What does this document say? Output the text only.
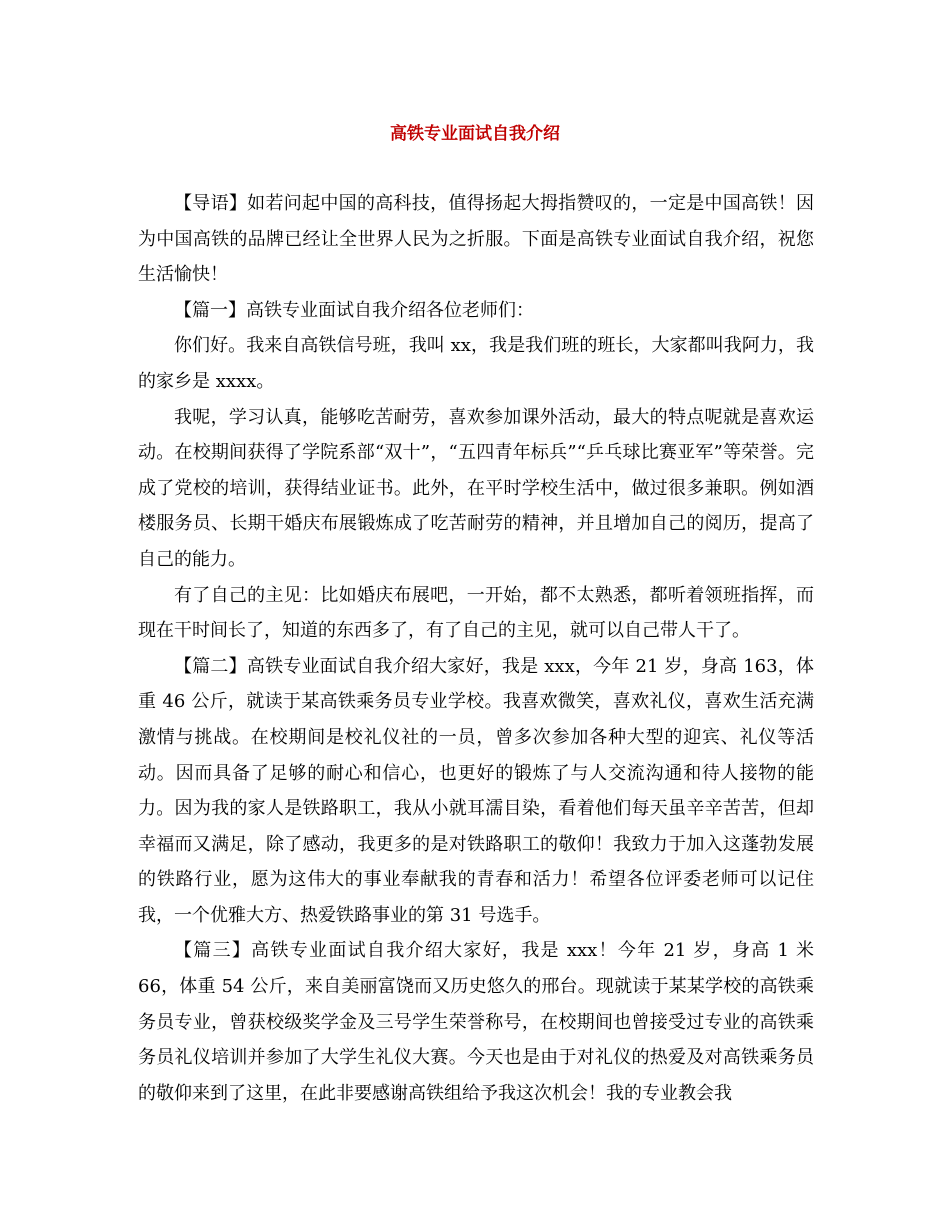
高铁专业面试自我介绍

【导语】如若问起中国的高科技，值得扬起大拇指赞叹的，一定是中国高铁！因为中国高铁的品牌已经让全世界人民为之折服。下面是高铁专业面试自我介绍，祝您生活愉快！

【篇一】高铁专业面试自我介绍各位老师们：

你们好。我来自高铁信号班，我叫 xx，我是我们班的班长，大家都叫我阿力，我的家乡是 xxxx。

我呢，学习认真，能够吃苦耐劳，喜欢参加课外活动，最大的特点呢就是喜欢运动。在校期间获得了学院系部“双十”，“五四青年标兵”“乒乓球比赛亚军”等荣誉。完成了党校的培训，获得结业证书。此外，在平时学校生活中，做过很多兼职。例如酒楼服务员、长期干婚庆布展锻炼成了吃苦耐劳的精神，并且增加自己的阅历，提高了自己的能力。

有了自己的主见：比如婚庆布展吧，一开始，都不太熟悉，都听着领班指挥，而现在干时间长了，知道的东西多了，有了自己的主见，就可以自己带人干了。

【篇二】高铁专业面试自我介绍大家好，我是 xxx，今年 21 岁，身高 163，体重 46 公斤，就读于某高铁乘务员专业学校。我喜欢微笑，喜欢礼仪，喜欢生活充满激情与挑战。在校期间是校礼仪社的一员，曾多次参加各种大型的迎宾、礼仪等活动。因而具备了足够的耐心和信心，也更好的锻炼了与人交流沟通和待人接物的能力。因为我的家人是铁路职工，我从小就耳濡目染，看着他们每天虽辛辛苦苦，但却幸福而又满足，除了感动，我更多的是对铁路职工的敬仰！我致力于加入这蓬勃发展的铁路行业，愿为这伟大的事业奉献我的青春和活力！希望各位评委老师可以记住我，一个优雅大方、热爱铁路事业的第 31 号选手。

【篇三】高铁专业面试自我介绍大家好，我是 xxx！今年 21 岁，身高 1 米 66，体重 54 公斤，来自美丽富饶而又历史悠久的邢台。现就读于某某学校的高铁乘务员专业，曾获校级奖学金及三号学生荣誉称号，在校期间也曾接受过专业的高铁乘务员礼仪培训并参加了大学生礼仪大赛。今天也是由于对礼仪的热爱及对高铁乘务员的敬仰来到了这里，在此非要感谢高铁组给予我这次机会！我的专业教会我
